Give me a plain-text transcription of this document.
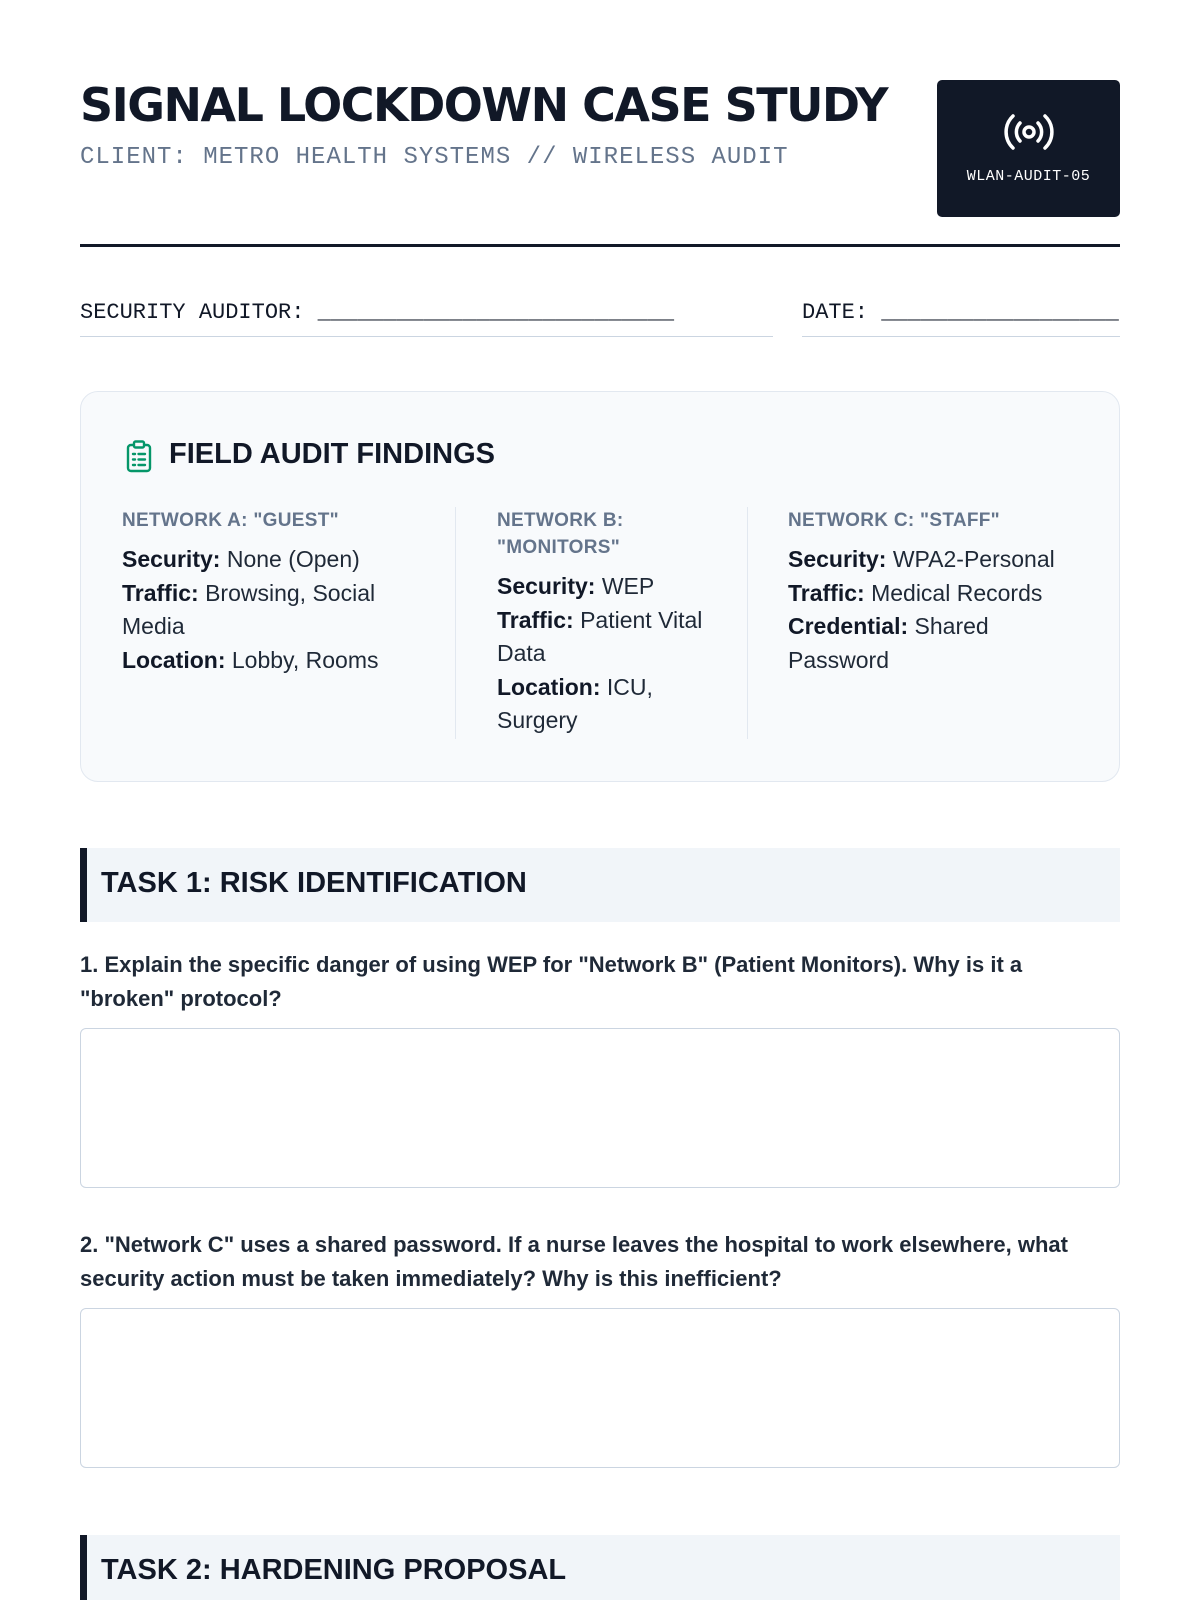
SIGNAL LOCKDOWN CASE STUDY
CLIENT: METRO HEALTH SYSTEMS // WIRELESS AUDIT
WLAN-AUDIT-05
SECURITY AUDITOR: ___________________________	DATE: __________________
FIELD AUDIT FINDINGS
NETWORK A: "GUEST"
Security: None (Open)
Traffic: Browsing, Social Media
Location: Lobby, Rooms
NETWORK B: "MONITORS"
Security: WEP
Traffic: Patient Vital Data
Location: ICU, Surgery
NETWORK C: "STAFF"
Security: WPA2-Personal
Traffic: Medical Records
Credential: Shared Password
TASK 1: RISK IDENTIFICATION
1. Explain the specific danger of using WEP for "Network B" (Patient Monitors). Why is it a "broken" protocol?
2. "Network C" uses a shared password. If a nurse leaves the hospital to work elsewhere, what security action must be taken immediately? Why is this inefficient?
TASK 2: HARDENING PROPOSAL
